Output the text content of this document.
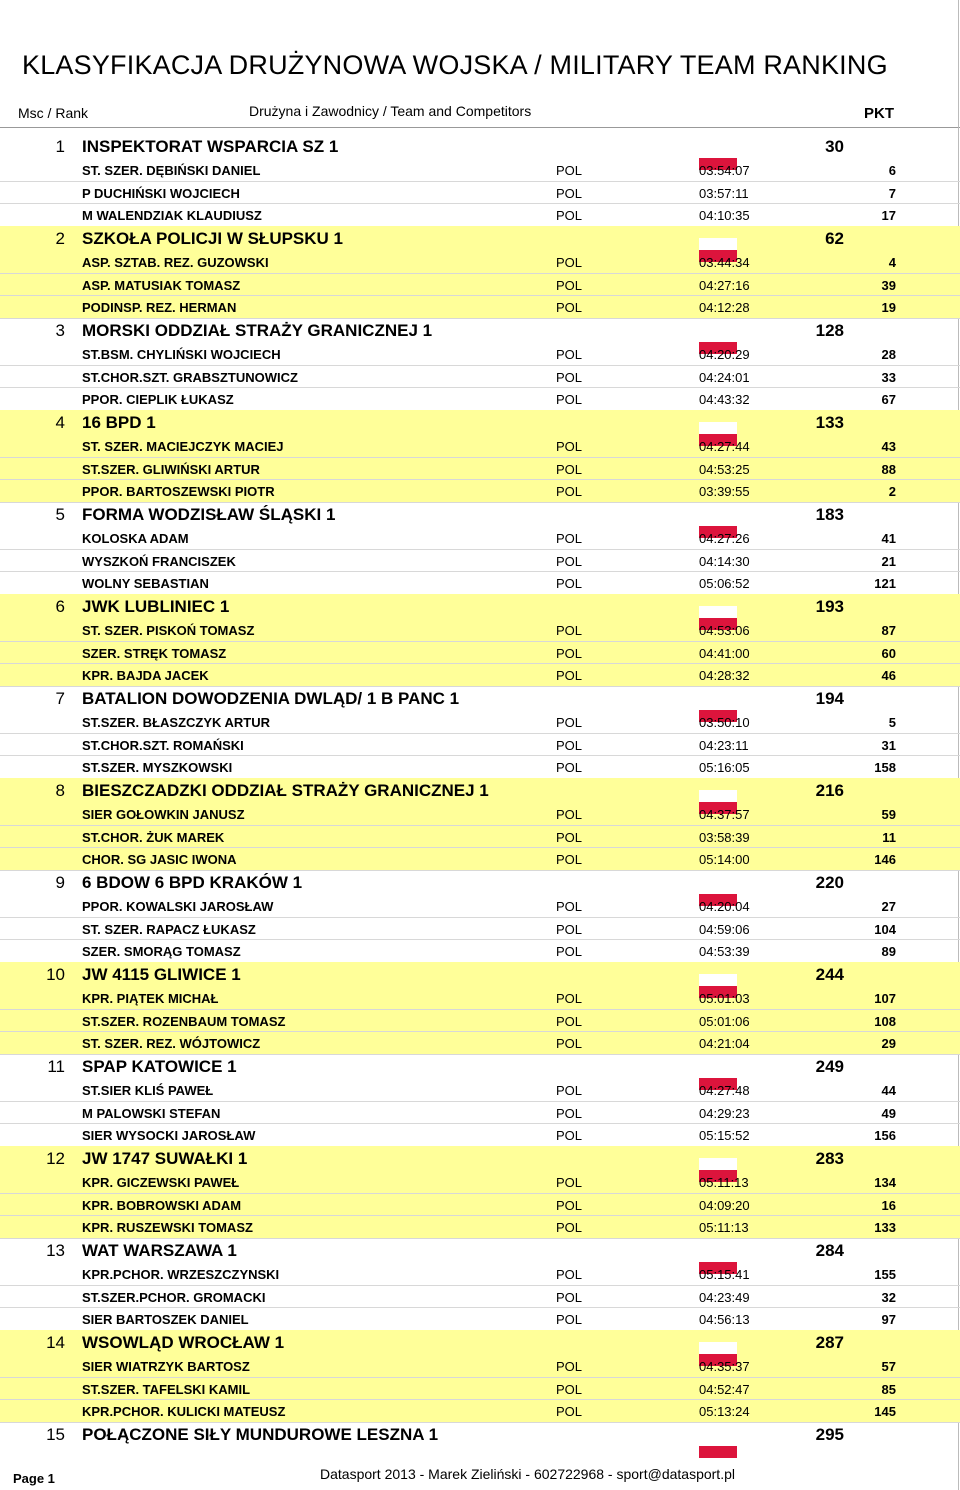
KLASYFIKACJA DRUŻYNOWA WOJSKA / MILITARY TEAM RANKING
Msc / Rank	Drużyna i Zawodnicy / Team and Competitors	PKT
1 INSPEKTORAT WSPARCIA SZ 1	30
ST. SZER. DĘBIŃSKI DANIEL	POL	03:54:07	6
P DUCHIŃSKI WOJCIECH	POL	03:57:11	7
M WALENDZIAK KLAUDIUSZ	POL	04:10:35	17
2 SZKOŁA POLICJI W SŁUPSKU 1	62
ASP. SZTAB. REZ. GUZOWSKI	POL	03:44:34	4
ASP. MATUSIAK TOMASZ	POL	04:27:16	39
PODINSP. REZ. HERMAN	POL	04:12:28	19
3 MORSKI ODDZIAŁ STRAŻY GRANICZNEJ 1	128
ST.BSM. CHYLIŃSKI WOJCIECH	POL	04:20:29	28
ST.CHOR.SZT. GRABSZTUNOWICZ	POL	04:24:01	33
PPOR. CIEPLIK ŁUKASZ	POL	04:43:32	67
4 16 BPD 1	133
ST. SZER. MACIEJCZYK MACIEJ	POL	04:27:44	43
ST.SZER. GLIWIŃSKI ARTUR	POL	04:53:25	88
PPOR. BARTOSZEWSKI PIOTR	POL	03:39:55	2
5 FORMA WODZISŁAW ŚLĄSKI 1	183
KOLOSKA ADAM	POL	04:27:26	41
WYSZKOŃ FRANCISZEK	POL	04:14:30	21
WOLNY SEBASTIAN	POL	05:06:52	121
6 JWK LUBLINIEC 1	193
ST. SZER. PISKOŃ TOMASZ	POL	04:53:06	87
SZER. STRĘK TOMASZ	POL	04:41:00	60
KPR. BAJDA JACEK	POL	04:28:32	46
7 BATALION DOWODZENIA DWLĄD/ 1 B PANC 1	194
ST.SZER. BŁASZCZYK ARTUR	POL	03:50:10	5
ST.CHOR.SZT. ROMAŃSKI	POL	04:23:11	31
ST.SZER. MYSZKOWSKI	POL	05:16:05	158
8 BIESZCZADZKI ODDZIAŁ STRAŻY GRANICZNEJ 1	216
SIER GOŁOWKIN JANUSZ	POL	04:37:57	59
ST.CHOR. ŻUK MAREK	POL	03:58:39	11
CHOR. SG JASIC IWONA	POL	05:14:00	146
9 6 BDOW 6 BPD KRAKÓW 1	220
PPOR. KOWALSKI JAROSŁAW	POL	04:20:04	27
ST. SZER. RAPACZ ŁUKASZ	POL	04:59:06	104
SZER. SMORĄG TOMASZ	POL	04:53:39	89
10 JW 4115 GLIWICE 1	244
KPR. PIĄTEK MICHAŁ	POL	05:01:03	107
ST.SZER. ROZENBAUM TOMASZ	POL	05:01:06	108
ST. SZER. REZ. WÓJTOWICZ	POL	04:21:04	29
11 SPAP KATOWICE 1	249
ST.SIER KLIŚ PAWEŁ	POL	04:27:48	44
M PALOWSKI STEFAN	POL	04:29:23	49
SIER WYSOCKI JAROSŁAW	POL	05:15:52	156
12 JW 1747 SUWAŁKI 1	283
KPR. GICZEWSKI PAWEŁ	POL	05:11:13	134
KPR. BOBROWSKI ADAM	POL	04:09:20	16
KPR. RUSZEWSKI TOMASZ	POL	05:11:13	133
13 WAT WARSZAWA 1	284
KPR.PCHOR. WRZESZCZYNSKI	POL	05:15:41	155
ST.SZER.PCHOR. GROMACKI	POL	04:23:49	32
SIER BARTOSZEK DANIEL	POL	04:56:13	97
14 WSOWLĄD WROCŁAW 1	287
SIER WIATRZYK BARTOSZ	POL	04:35:37	57
ST.SZER. TAFELSKI KAMIL	POL	04:52:47	85
KPR.PCHOR. KULICKI MATEUSZ	POL	05:13:24	145
15 POŁĄCZONE SIŁY MUNDUROWE LESZNA 1	295
Page 1	Datasport 2013 - Marek Zieliński - 602722968 - sport@datasport.pl
